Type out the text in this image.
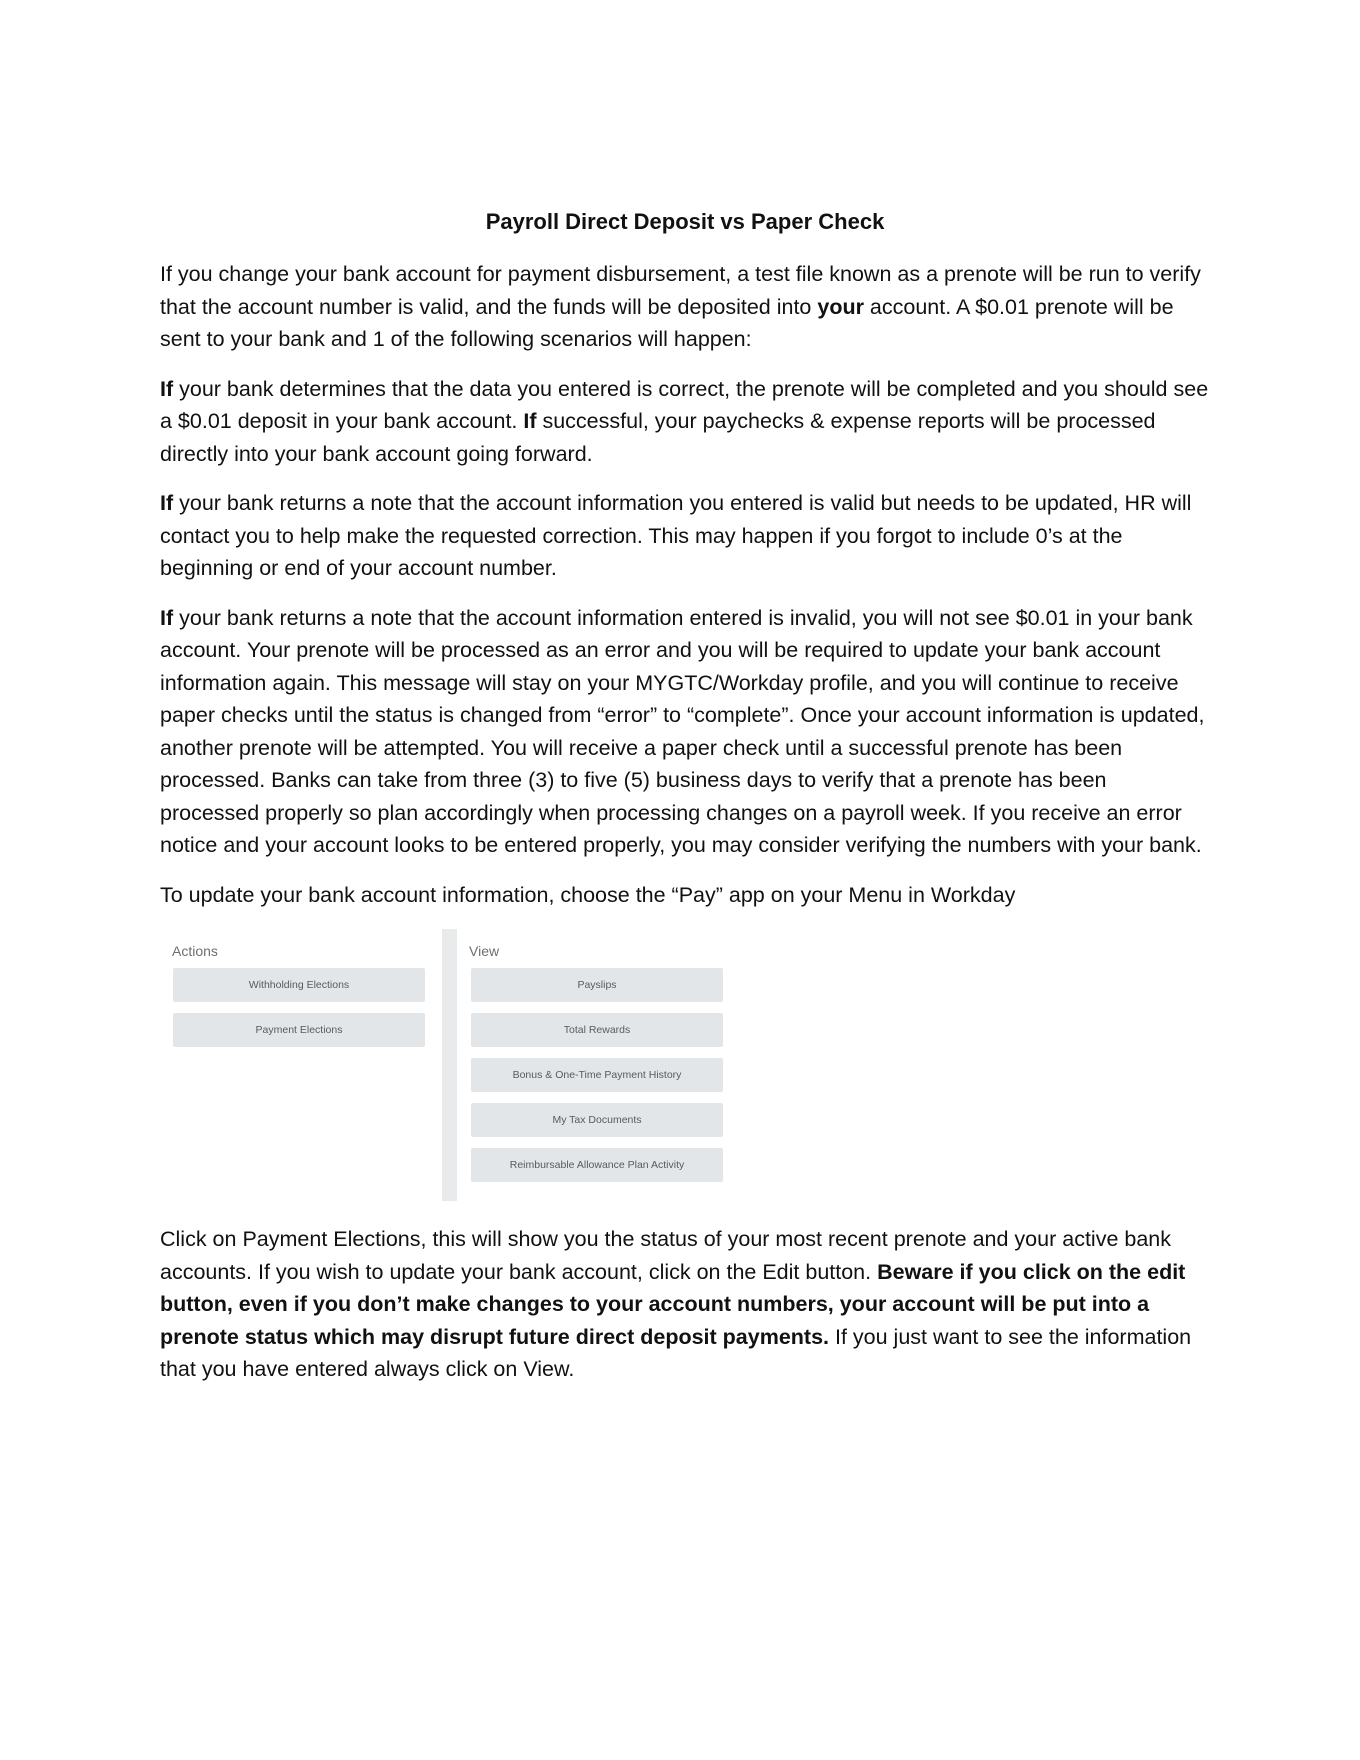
Payroll Direct Deposit vs Paper Check

If you change your bank account for payment disbursement, a test file known as a prenote will be run to verify that the account number is valid, and the funds will be deposited into your account. A $0.01 prenote will be sent to your bank and 1 of the following scenarios will happen:

If your bank determines that the data you entered is correct, the prenote will be completed and you should see a $0.01 deposit in your bank account. If successful, your paychecks & expense reports will be processed directly into your bank account going forward.

If your bank returns a note that the account information you entered is valid but needs to be updated, HR will contact you to help make the requested correction. This may happen if you forgot to include 0’s at the beginning or end of your account number.

If your bank returns a note that the account information entered is invalid, you will not see $0.01 in your bank account. Your prenote will be processed as an error and you will be required to update your bank account information again. This message will stay on your MYGTC/Workday profile, and you will continue to receive paper checks until the status is changed from “error” to “complete”. Once your account information is updated, another prenote will be attempted. You will receive a paper check until a successful prenote has been processed. Banks can take from three (3) to five (5) business days to verify that a prenote has been processed properly so plan accordingly when processing changes on a payroll week. If you receive an error notice and your account looks to be entered properly, you may consider verifying the numbers with your bank.

To update your bank account information, choose the “Pay” app on your Menu in Workday

Actions	View
Withholding Elections
Payment Elections
Payslips
Total Rewards
Bonus & One-Time Payment History
My Tax Documents
Reimbursable Allowance Plan Activity

Click on Payment Elections, this will show you the status of your most recent prenote and your active bank accounts. If you wish to update your bank account, click on the Edit button. Beware if you click on the edit button, even if you don’t make changes to your account numbers, your account will be put into a prenote status which may disrupt future direct deposit payments. If you just want to see the information that you have entered always click on View.
